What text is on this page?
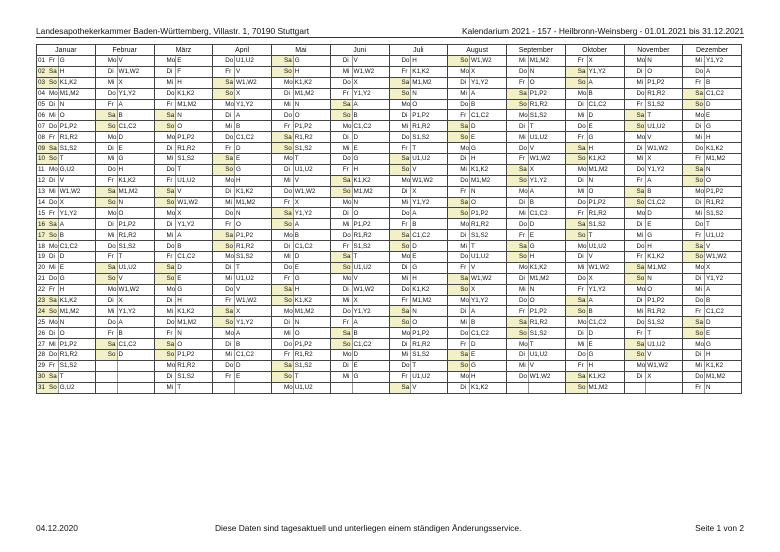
Landesapothekerkammer Baden-Württemberg, Villastr. 1, 70190 Stuttgart	Kalendarium 2021 - 157 - Heilbronn-Weinsberg - 01.01.2021 bis 31.12.2021
Januar			Februar			März			April			Mai			Juni			Juli			August			September			Oktober			November			Dezember		
01	Fr	G		Mo	V		Mo	E		Do	U1,U2		Sa	G		Di	V		Do	H		So	W1,W2		Mi	M1,M2		Fr	X		Mo	N		Mi	Y1,Y2
02	Sa	H		Di	W1,W2		Di	F		Fr	V		So	H		Mi	W1,W2		Fr	K1,K2		Mo	X		Do	N		Sa	Y1,Y2		Di	O		Do	A
03	So	K1,K2		Mi	X		Mi	H		Sa	W1,W2		Mo	K1,K2		Do	X		Sa	M1,M2		Di	Y1,Y2		Fr	O		So	A		Mi	P1,P2		Fr	B
04	Mo	M1,M2		Do	Y1,Y2		Do	K1,K2		So	X		Di	M1,M2		Fr	Y1,Y2		So	N		Mi	A		Sa	P1,P2		Mo	B		Do	R1,R2		Sa	C1,C2
05	Di	N		Fr	A		Fr	M1,M2		Mo	Y1,Y2		Mi	N		Sa	A		Mo	O		Do	B		So	R1,R2		Di	C1,C2		Fr	S1,S2		So	D
06	Mi	O		Sa	B		Sa	N		Di	A		Do	O		So	B		Di	P1,P2		Fr	C1,C2		Mo	S1,S2		Mi	D		Sa	T		Mo	E
07	Do	P1,P2		So	C1,C2		So	O		Mi	B		Fr	P1,P2		Mo	C1,C2		Mi	R1,R2		Sa	D		Di	T		Do	E		So	U1,U2		Di	G
08	Fr	R1,R2		Mo	D		Mo	P1,P2		Do	C1,C2		Sa	R1,R2		Di	D		Do	S1,S2		So	E		Mi	U1,U2		Fr	G		Mo	V		Mi	H
09	Sa	S1,S2		Di	E		Di	R1,R2		Fr	D		So	S1,S2		Mi	E		Fr	T		Mo	G		Do	V		Sa	H		Di	W1,W2		Do	K1,K2
10	So	T		Mi	G		Mi	S1,S2		Sa	E		Mo	T		Do	G		Sa	U1,U2		Di	H		Fr	W1,W2		So	K1,K2		Mi	X		Fr	M1,M2
11	Mo	G,U2		Do	H		Do	T		So	G		Di	U1,U2		Fr	H		So	V		Mi	K1,K2		Sa	X		Mo	M1,M2		Do	Y1,Y2		Sa	N
12	Di	V		Fr	K1,K2		Fr	U1,U2		Mo	H		Mi	V		Sa	K1,K2		Mo	W1,W2		Do	M1,M2		So	Y1,Y2		Di	N		Fr	A		So	O
13	Mi	W1,W2		Sa	M1,M2		Sa	V		Di	K1,K2		Do	W1,W2		So	M1,M2		Di	X		Fr	N		Mo	A		Mi	O		Sa	B		Mo	P1,P2
14	Do	X		So	N		So	W1,W2		Mi	M1,M2		Fr	X		Mo	N		Mi	Y1,Y2		Sa	O		Di	B		Do	P1,P2		So	C1,C2		Di	R1,R2
15	Fr	Y1,Y2		Mo	O		Mo	X		Do	N		Sa	Y1,Y2		Di	O		Do	A		So	P1,P2		Mi	C1,C2		Fr	R1,R2		Mo	D		Mi	S1,S2
16	Sa	A		Di	P1,P2		Di	Y1,Y2		Fr	O		So	A		Mi	P1,P2		Fr	B		Mo	R1,R2		Do	D		Sa	S1,S2		Di	E		Do	T
17	So	B		Mi	R1,R2		Mi	A		Sa	P1,P2		Mo	B		Do	R1,R2		Sa	C1,C2		Di	S1,S2		Fr	E		So	T		Mi	G		Fr	U1,U2
18	Mo	C1,C2		Do	S1,S2		Do	B		So	R1,R2		Di	C1,C2		Fr	S1,S2		So	D		Mi	T		Sa	G		Mo	U1,U2		Do	H		Sa	V
19	Di	D		Fr	T		Fr	C1,C2		Mo	S1,S2		Mi	D		Sa	T		Mo	E		Do	U1,U2		So	H		Di	V		Fr	K1,K2		So	W1,W2
20	Mi	E		Sa	U1,U2		Sa	D		Di	T		Do	E		So	U1,U2		Di	G		Fr	V		Mo	K1,K2		Mi	W1,W2		Sa	M1,M2		Mo	X
21	Do	G		So	V		So	E		Mi	U1,U2		Fr	G		Mo	V		Mi	H		Sa	W1,W2		Di	M1,M2		Do	X		So	N		Di	Y1,Y2
22	Fr	H		Mo	W1,W2		Mo	G		Do	V		Sa	H		Di	W1,W2		Do	K1,K2		So	X		Mi	N		Fr	Y1,Y2		Mo	O		Mi	A
23	Sa	K1,K2		Di	X		Di	H		Fr	W1,W2		So	K1,K2		Mi	X		Fr	M1,M2		Mo	Y1,Y2		Do	O		Sa	A		Di	P1,P2		Do	B
24	So	M1,M2		Mi	Y1,Y2		Mi	K1,K2		Sa	X		Mo	M1,M2		Do	Y1,Y2		Sa	N		Di	A		Fr	P1,P2		So	B		Mi	R1,R2		Fr	C1,C2
25	Mo	N		Do	A		Do	M1,M2		So	Y1,Y2		Di	N		Fr	A		So	O		Mi	B		Sa	R1,R2		Mo	C1,C2		Do	S1,S2		Sa	D
26	Di	O		Fr	B		Fr	N		Mo	A		Mi	O		Sa	B		Mo	P1,P2		Do	C1,C2		So	S1,S2		Di	D		Fr	T		So	E
27	Mi	P1,P2		Sa	C1,C2		Sa	O		Di	B		Do	P1,P2		So	C1,C2		Di	R1,R2		Fr	D		Mo	T		Mi	E		Sa	U1,U2		Mo	G
28	Do	R1,R2		So	D		So	P1,P2		Mi	C1,C2		Fr	R1,R2		Mo	D		Mi	S1,S2		Sa	E		Di	U1,U2		Do	G		So	V		Di	H
29	Fr	S1,S2					Mo	R1,R2		Do	D		Sa	S1,S2		Di	E		Do	T		So	G		Mi	V		Fr	H		Mo	W1,W2		Mi	K1,K2
30	Sa	T					Di	S1,S2		Fr	E		So	T		Mi	G		Fr	U1,U2		Mo	H		Do	W1,W2		Sa	K1,K2		Di	X		Do	M1,M2
31	So	G,U2					Mi	T					Mo	U1,U2					Sa	V		Di	K1,K2					So	M1,M2					Fr	N
04.12.2020	Diese Daten sind tagesaktuell und unterliegen einem ständigen Änderungsservice.	Seite 1 von 2
